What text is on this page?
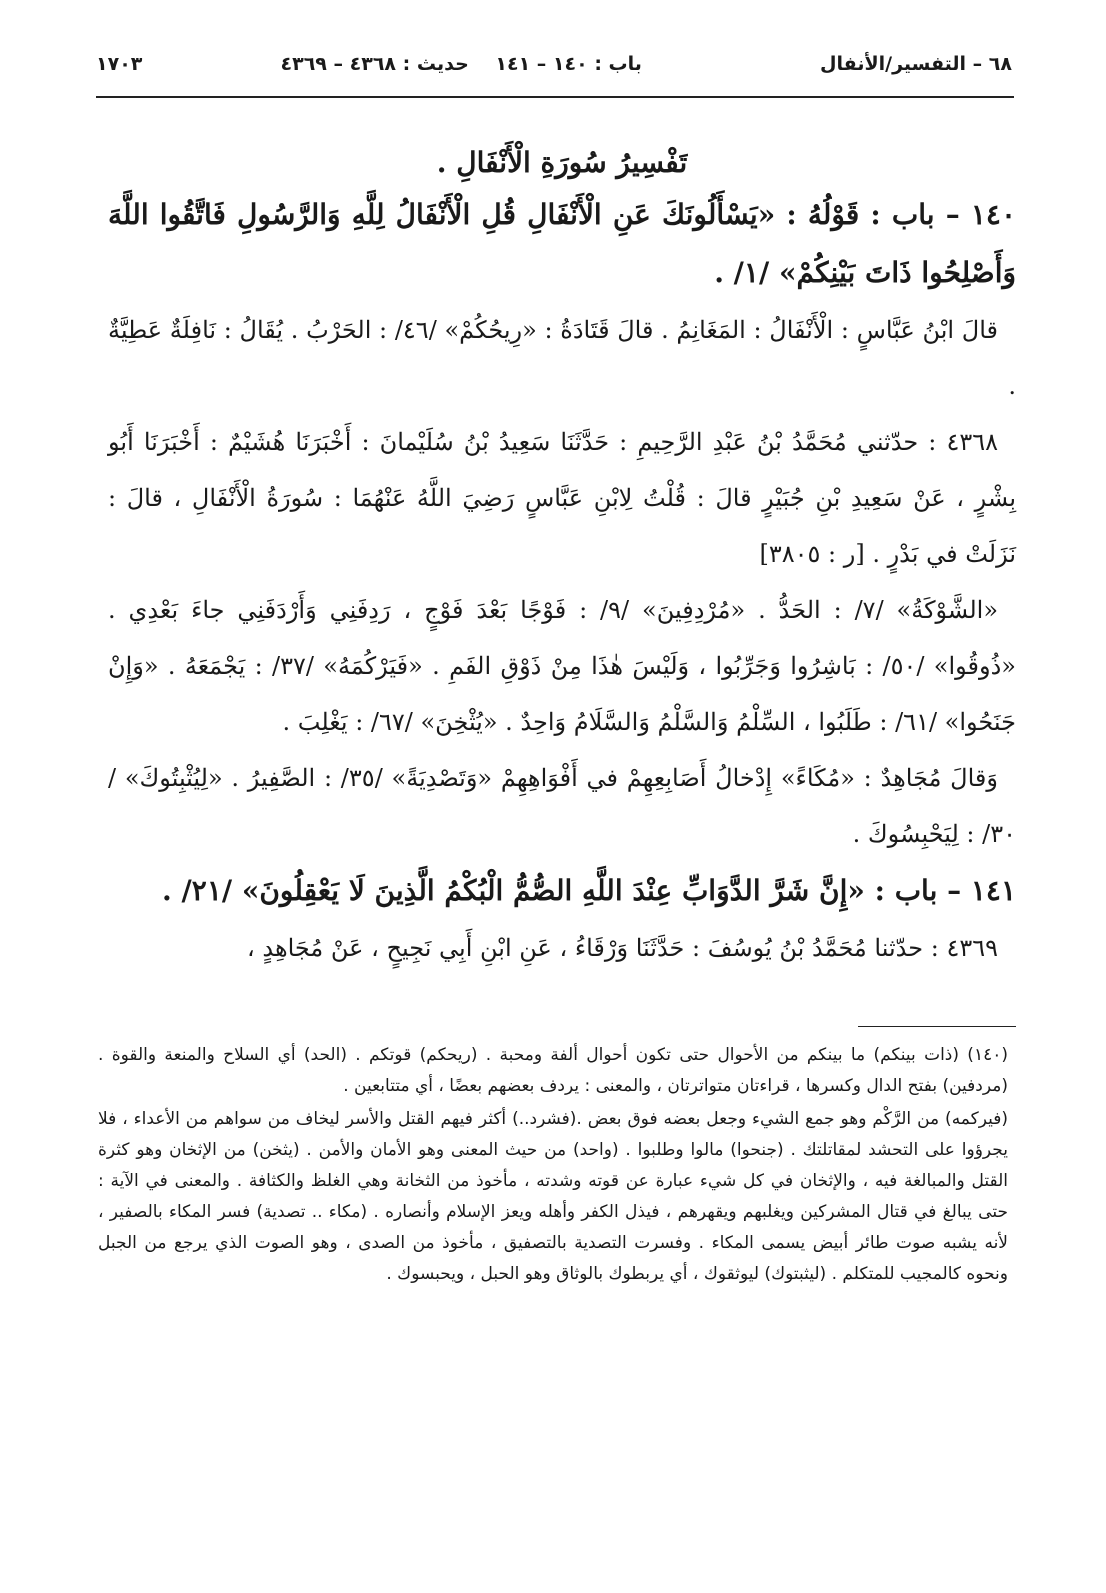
٦٨ – التفسير/الأنفال
باب : ١٤٠ – ١٤١ حديث : ٤٣٦٨ – ٤٣٦٩
١٧٠٣

تَفْسِيرُ سُورَةِ الْأَنْفَالِ .

١٤٠ – باب : قَوْلُهُ : «يَسْأَلُونَكَ عَنِ الْأَنْفَالِ قُلِ الْأَنْفَالُ لِلَّهِ وَالرَّسُولِ فَاتَّقُوا اللَّهَ وَأَصْلِحُوا ذَاتَ بَيْنِكُمْ» /١/ .

قالَ ابْنُ عَبَّاسٍ : الْأَنْفَالُ : المَغَانِمُ . قالَ قَتَادَةُ : «رِيحُكُمْ» /٤٦/ : الحَرْبُ . يُقَالُ : نَافِلَةٌ عَطِيَّةٌ .

٤٣٦٨ : حدّثني مُحَمَّدُ بْنُ عَبْدِ الرَّحِيمِ : حَدَّثَنَا سَعِيدُ بْنُ سُلَيْمانَ : أَخْبَرَنَا هُشَيْمٌ : أَخْبَرَنَا أَبُو بِشْرٍ ، عَنْ سَعِيدِ بْنِ جُبَيْرٍ قالَ : قُلْتُ لِابْنِ عَبَّاسٍ رَضِيَ اللَّهُ عَنْهُمَا : سُورَةُ الْأَنْفَالِ ، قالَ : نَزَلَتْ في بَدْرٍ . [ر : ٣٨٠٥]

«الشَّوْكَةُ» /٧/ : الحَدُّ . «مُرْدِفِينَ» /٩/ : فَوْجًا بَعْدَ فَوْجٍ ، رَدِفَنِي وَأَرْدَفَنِي جاءَ بَعْدِي . «ذُوقُوا» /٥٠/ : بَاشِرُوا وَجَرِّبُوا ، وَلَيْسَ هٰذَا مِنْ ذَوْقِ الفَمِ . «فَيَرْكُمَهُ» /٣٧/ : يَجْمَعَهُ . «وَإِنْ جَنَحُوا» /٦١/ : طَلَبُوا ، السِّلْمُ وَالسَّلْمُ وَالسَّلَامُ وَاحِدٌ . «يُثْخِنَ» /٦٧/ : يَغْلِبَ .

وَقالَ مُجَاهِدٌ : «مُكَاءً» إِدْخالُ أَصَابِعِهِمْ في أَفْوَاهِهِمْ «وَتَصْدِيَةً» /٣٥/ : الصَّفِيرُ . «لِيُثْبِتُوكَ» /٣٠/ : لِيَحْبِسُوكَ .

١٤١ – باب : «إِنَّ شَرَّ الدَّوَابِّ عِنْدَ اللَّهِ الصُّمُّ الْبُكْمُ الَّذِينَ لَا يَعْقِلُونَ» /٢١/ .

٤٣٦٩ : حدّثنا مُحَمَّدُ بْنُ يُوسُفَ : حَدَّثَنَا وَرْقَاءُ ، عَنِ ابْنِ أَبِي نَجِيحٍ ، عَنْ مُجَاهِدٍ ،

(١٤٠) (ذات بينكم) ما بينكم من الأحوال حتى تكون أحوال ألفة ومحبة . (ريحكم) قوتكم . (الحد) أي السلاح والمنعة والقوة . (مردفين) بفتح الدال وكسرها ، قراءتان متواترتان ، والمعنى : يردف بعضهم بعضًا ، أي متتابعين .

(فيركمه) من الرَّكْم وهو جمع الشيء وجعل بعضه فوق بعض .(فشرد..) أكثر فيهم القتل والأسر ليخاف من سواهم من الأعداء ، فلا يجرؤوا على التحشد لمقاتلتك . (جنحوا) مالوا وطلبوا . (واحد) من حيث المعنى وهو الأمان والأمن . (يثخن) من الإثخان وهو كثرة القتل والمبالغة فيه ، والإثخان في كل شيء عبارة عن قوته وشدته ، مأخوذ من الثخانة وهي الغلظ والكثافة . والمعنى في الآية : حتى يبالغ في قتال المشركين ويغلبهم ويقهرهم ، فيذل الكفر وأهله ويعز الإسلام وأنصاره . (مكاء .. تصدية) فسر المكاء بالصفير ، لأنه يشبه صوت طائر أبيض يسمى المكاء . وفسرت التصدية بالتصفيق ، مأخوذ من الصدى ، وهو الصوت الذي يرجع من الجبل ونحوه كالمجيب للمتكلم . (ليثبتوك) ليوثقوك ، أي يربطوك بالوثاق وهو الحبل ، ويحبسوك .
